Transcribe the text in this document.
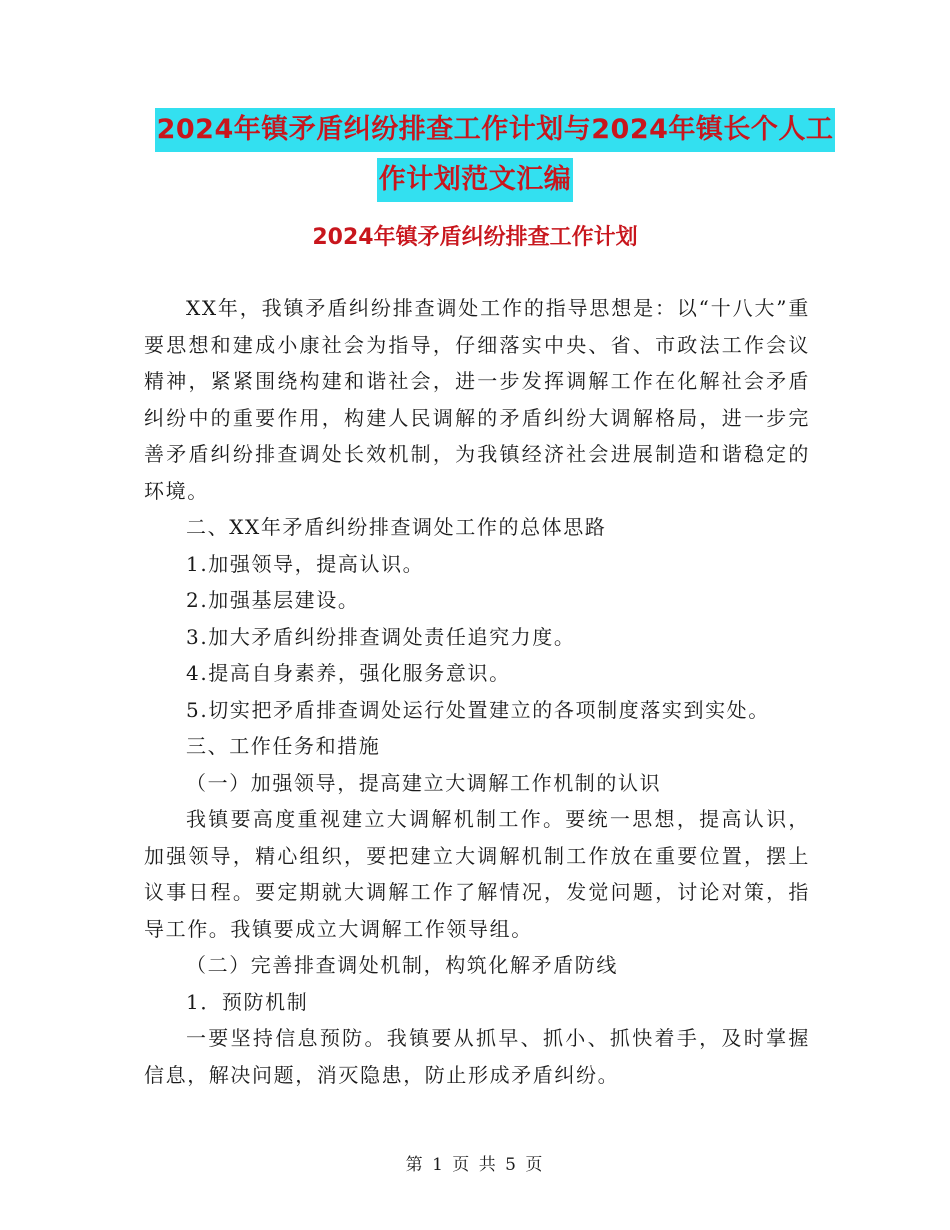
2024年镇矛盾纠纷排查工作计划与2024年镇长个人工
作计划范文汇编
2024年镇矛盾纠纷排查工作计划

XX年，我镇矛盾纠纷排查调处工作的指导思想是：以“十八大”重要思想和建成小康社会为指导，仔细落实中央、省、市政法工作会议精神，紧紧围绕构建和谐社会，进一步发挥调解工作在化解社会矛盾纠纷中的重要作用，构建人民调解的矛盾纠纷大调解格局，进一步完善矛盾纠纷排查调处长效机制，为我镇经济社会进展制造和谐稳定的环境。

二、XX年矛盾纠纷排查调处工作的总体思路

1.加强领导，提高认识。

2.加强基层建设。

3.加大矛盾纠纷排查调处责任追究力度。

4.提高自身素养，强化服务意识。

5.切实把矛盾排查调处运行处置建立的各项制度落实到实处。

三、工作任务和措施

（一）加强领导，提高建立大调解工作机制的认识

我镇要高度重视建立大调解机制工作。要统一思想，提高认识，加强领导，精心组织，要把建立大调解机制工作放在重要位置，摆上议事日程。要定期就大调解工作了解情况，发觉问题，讨论对策，指导工作。我镇要成立大调解工作领导组。

（二）完善排查调处机制，构筑化解矛盾防线

1．预防机制

一要坚持信息预防。我镇要从抓早、抓小、抓快着手，及时掌握信息，解决问题，消灭隐患，防止形成矛盾纠纷。

第 1 页 共 5 页
